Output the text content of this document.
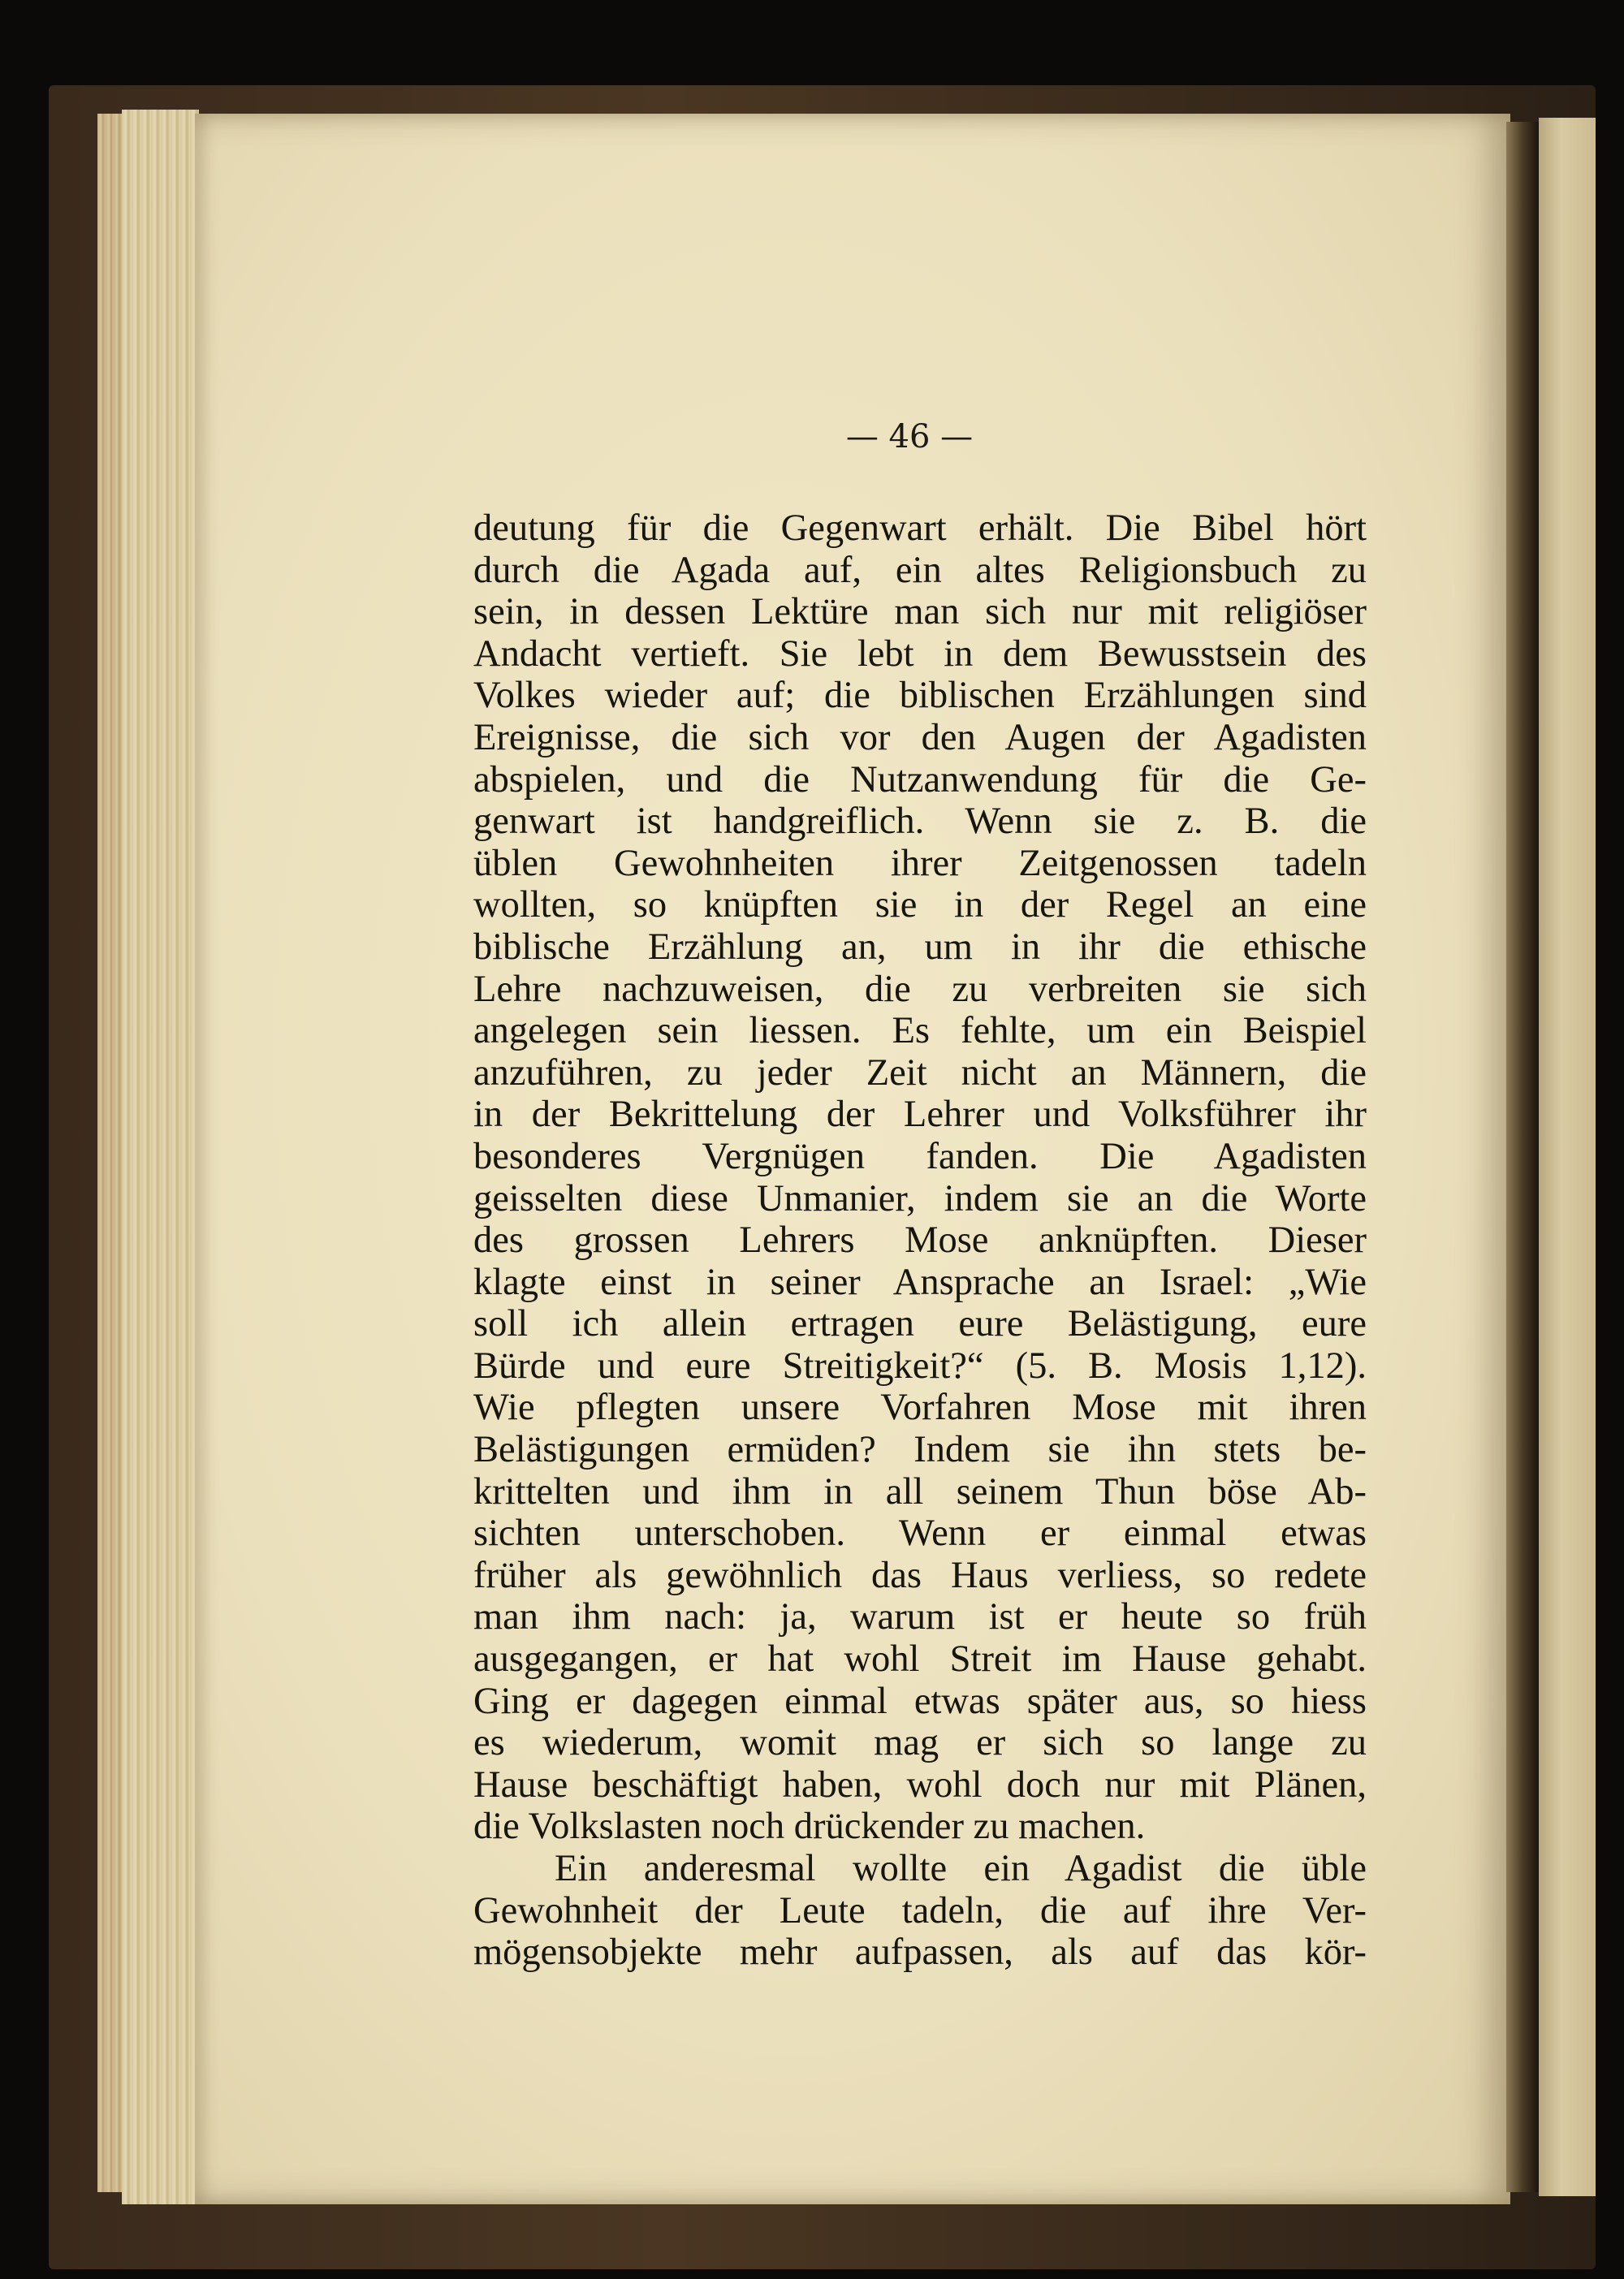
— 46 —
deutung für die Gegenwart erhält. Die Bibel hört
durch die Agada auf, ein altes Religionsbuch zu
sein, in dessen Lektüre man sich nur mit religiöser
Andacht vertieft. Sie lebt in dem Bewusstsein des
Volkes wieder auf; die biblischen Erzählungen sind
Ereignisse, die sich vor den Augen der Agadisten
abspielen, und die Nutzanwendung für die Ge-
genwart ist handgreiflich. Wenn sie z. B. die
üblen Gewohnheiten ihrer Zeitgenossen tadeln
wollten, so knüpften sie in der Regel an eine
biblische Erzählung an, um in ihr die ethische
Lehre nachzuweisen, die zu verbreiten sie sich
angelegen sein liessen. Es fehlte, um ein Beispiel
anzuführen, zu jeder Zeit nicht an Männern, die
in der Bekrittelung der Lehrer und Volksführer ihr
besonderes Vergnügen fanden. Die Agadisten
geisselten diese Unmanier, indem sie an die Worte
des grossen Lehrers Mose anknüpften. Dieser
klagte einst in seiner Ansprache an Israel: „Wie
soll ich allein ertragen eure Belästigung, eure
Bürde und eure Streitigkeit?“ (5. B. Mosis 1,12).
Wie pflegten unsere Vorfahren Mose mit ihren
Belästigungen ermüden? Indem sie ihn stets be-
krittelten und ihm in all seinem Thun böse Ab-
sichten unterschoben. Wenn er einmal etwas
früher als gewöhnlich das Haus verliess, so redete
man ihm nach: ja, warum ist er heute so früh
ausgegangen, er hat wohl Streit im Hause gehabt.
Ging er dagegen einmal etwas später aus, so hiess
es wiederum, womit mag er sich so lange zu
Hause beschäftigt haben, wohl doch nur mit Plänen,
die Volkslasten noch drückender zu machen.
Ein anderesmal wollte ein Agadist die üble
Gewohnheit der Leute tadeln, die auf ihre Ver-
mögensobjekte mehr aufpassen, als auf das kör-
